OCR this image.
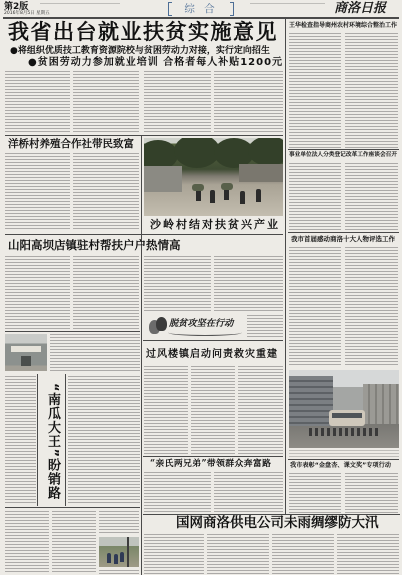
第2版
2016年8月5日 星期五	综 合	商洛日报
我省出台就业扶贫实施意见
●将组织优质技工教育资源院校与贫困劳动力对接，实行定向招生
●贫困劳动力参加就业培训 合格者每人补贴1200元
洋桥村养殖合作社带民致富
沙岭村结对扶贫兴产业
山阳高坝店镇驻村帮扶户户热情高
脱贫攻坚在行动
“南瓜大王”盼销路
过风楼镇启动问责救灾重建
“亲氏两兄弟”带领群众奔富路
王华检查指导商州农村环境综合整治工作
事业单位法人分类登记改革工作座谈会召开
我市首届感动商洛十大人物评选工作
我市表彰“金盘杏、课文奖”专项行动
国网商洛供电公司未雨绸缪防大汛
